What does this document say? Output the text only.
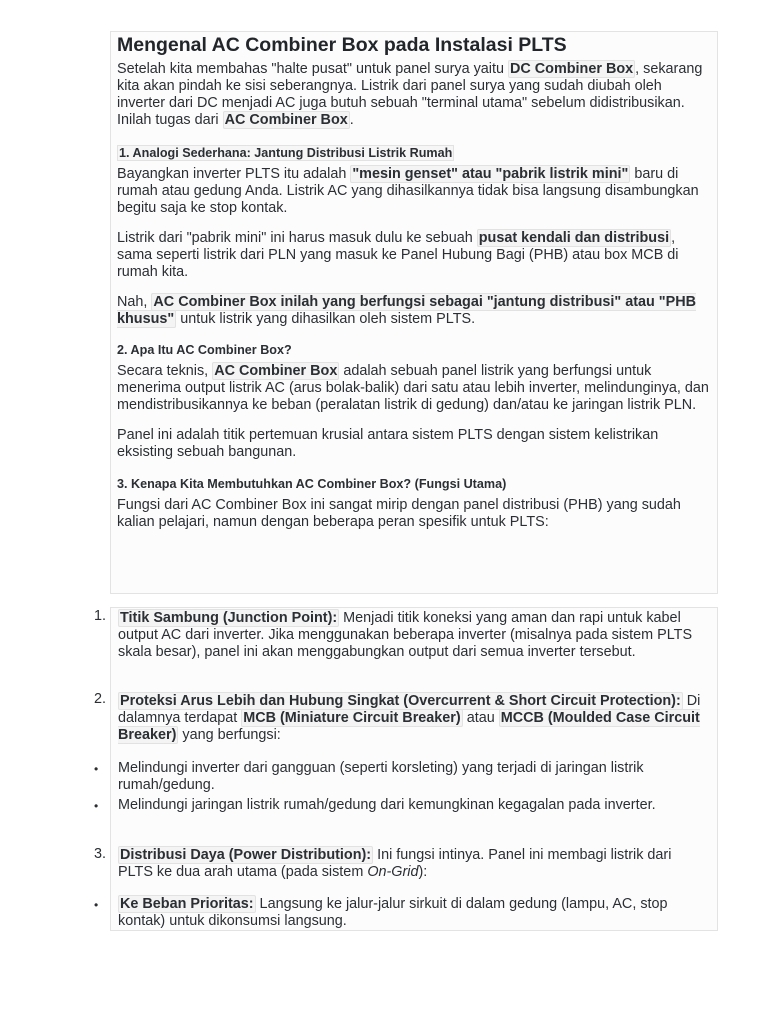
Mengenal AC Combiner Box pada Instalasi PLTS

Setelah kita membahas "halte pusat" untuk panel surya yaitu DC Combiner Box , sekarang kita akan pindah ke sisi seberangnya. Listrik dari panel surya yang sudah diubah oleh inverter dari DC menjadi AC juga butuh sebuah "terminal utama" sebelum didistribusikan. Inilah tugas dari AC Combiner Box .

1. Analogi Sederhana: Jantung Distribusi Listrik Rumah

Bayangkan inverter PLTS itu adalah "mesin genset" atau "pabrik listrik mini" baru di rumah atau gedung Anda. Listrik AC yang dihasilkannya tidak bisa langsung disambungkan begitu saja ke stop kontak.

Listrik dari "pabrik mini" ini harus masuk dulu ke sebuah pusat kendali dan distribusi , sama seperti listrik dari PLN yang masuk ke Panel Hubung Bagi (PHB) atau box MCB di rumah kita.

Nah, AC Combiner Box inilah yang berfungsi sebagai "jantung distribusi" atau "PHB khusus" untuk listrik yang dihasilkan oleh sistem PLTS.

2. Apa Itu AC Combiner Box?

Secara teknis, AC Combiner Box adalah sebuah panel listrik yang berfungsi untuk menerima output listrik AC (arus bolak-balik) dari satu atau lebih inverter, melindunginya, dan mendistribusikannya ke beban (peralatan listrik di gedung) dan/atau ke jaringan listrik PLN.

Panel ini adalah titik pertemuan krusial antara sistem PLTS dengan sistem kelistrikan eksisting sebuah bangunan.

3. Kenapa Kita Membutuhkan AC Combiner Box? (Fungsi Utama)

Fungsi dari AC Combiner Box ini sangat mirip dengan panel distribusi (PHB) yang sudah kalian pelajari, namun dengan beberapa peran spesifik untuk PLTS:

1. Titik Sambung (Junction Point): Menjadi titik koneksi yang aman dan rapi untuk kabel output AC dari inverter. Jika menggunakan beberapa inverter (misalnya pada sistem PLTS skala besar), panel ini akan menggabungkan output dari semua inverter tersebut.
2. Proteksi Arus Lebih dan Hubung Singkat (Overcurrent & Short Circuit Protection): Di dalamnya terdapat MCB (Miniature Circuit Breaker) atau MCCB (Moulded Case Circuit Breaker) yang berfungsi:
• Melindungi inverter dari gangguan (seperti korsleting) yang terjadi di jaringan listrik rumah/gedung.
• Melindungi jaringan listrik rumah/gedung dari kemungkinan kegagalan pada inverter.
3. Distribusi Daya (Power Distribution): Ini fungsi intinya. Panel ini membagi listrik dari PLTS ke dua arah utama (pada sistem On-Grid):
• Ke Beban Prioritas: Langsung ke jalur-jalur sirkuit di dalam gedung (lampu, AC, stop kontak) untuk dikonsumsi langsung.
